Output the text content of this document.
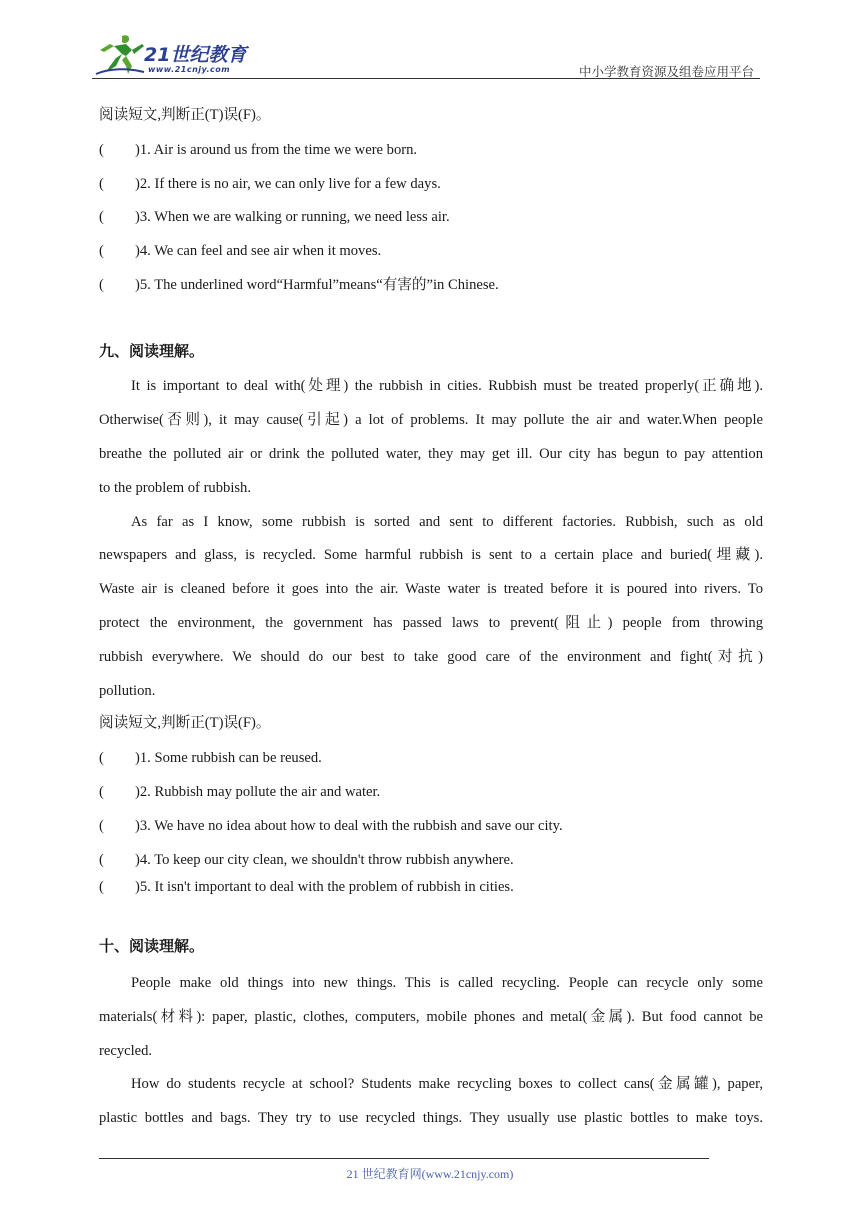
21世纪教育
www.21cnjy.com	中小学教育资源及组卷应用平台
阅读短文,判断正(T)误(F)。
( )1. Air is around us from the time we were born.
( )2. If there is no air, we can only live for a few days.
( )3. When we are walking or running, we need less air.
( )4. We can feel and see air when it moves.
( )5. The underlined word“Harmful”means“有害的”in Chinese.
九、阅读理解。
It is important to deal with(处理) the rubbish in cities. Rubbish must be treated properly(正确地).
Otherwise(否则), it may cause(引起) a lot of problems. It may pollute the air and water.When people
breathe the polluted air or drink the polluted water, they may get ill. Our city has begun to pay attention
to the problem of rubbish.
As far as I know, some rubbish is sorted and sent to different factories. Rubbish, such as old
newspapers and glass, is recycled. Some harmful rubbish is sent to a certain place and buried(埋藏).
Waste air is cleaned before it goes into the air. Waste water is treated before it is poured into rivers. To
protect the environment, the government has passed laws to prevent(阻止) people from throwing
rubbish everywhere. We should do our best to take good care of the environment and fight(对抗)
pollution.
阅读短文,判断正(T)误(F)。
( )1. Some rubbish can be reused.
( )2. Rubbish may pollute the air and water.
( )3. We have no idea about how to deal with the rubbish and save our city.
( )4. To keep our city clean, we shouldn't throw rubbish anywhere.
( )5. It isn't important to deal with the problem of rubbish in cities.
十、阅读理解。
People make old things into new things. This is called recycling. People can recycle only some
materials(材料): paper, plastic, clothes, computers, mobile phones and metal(金属). But food cannot be
recycled.
How do students recycle at school? Students make recycling boxes to collect cans(金属罐), paper,
plastic bottles and bags. They try to use recycled things. They usually use plastic bottles to make toys.
21 世纪教育网(www.21cnjy.com)
